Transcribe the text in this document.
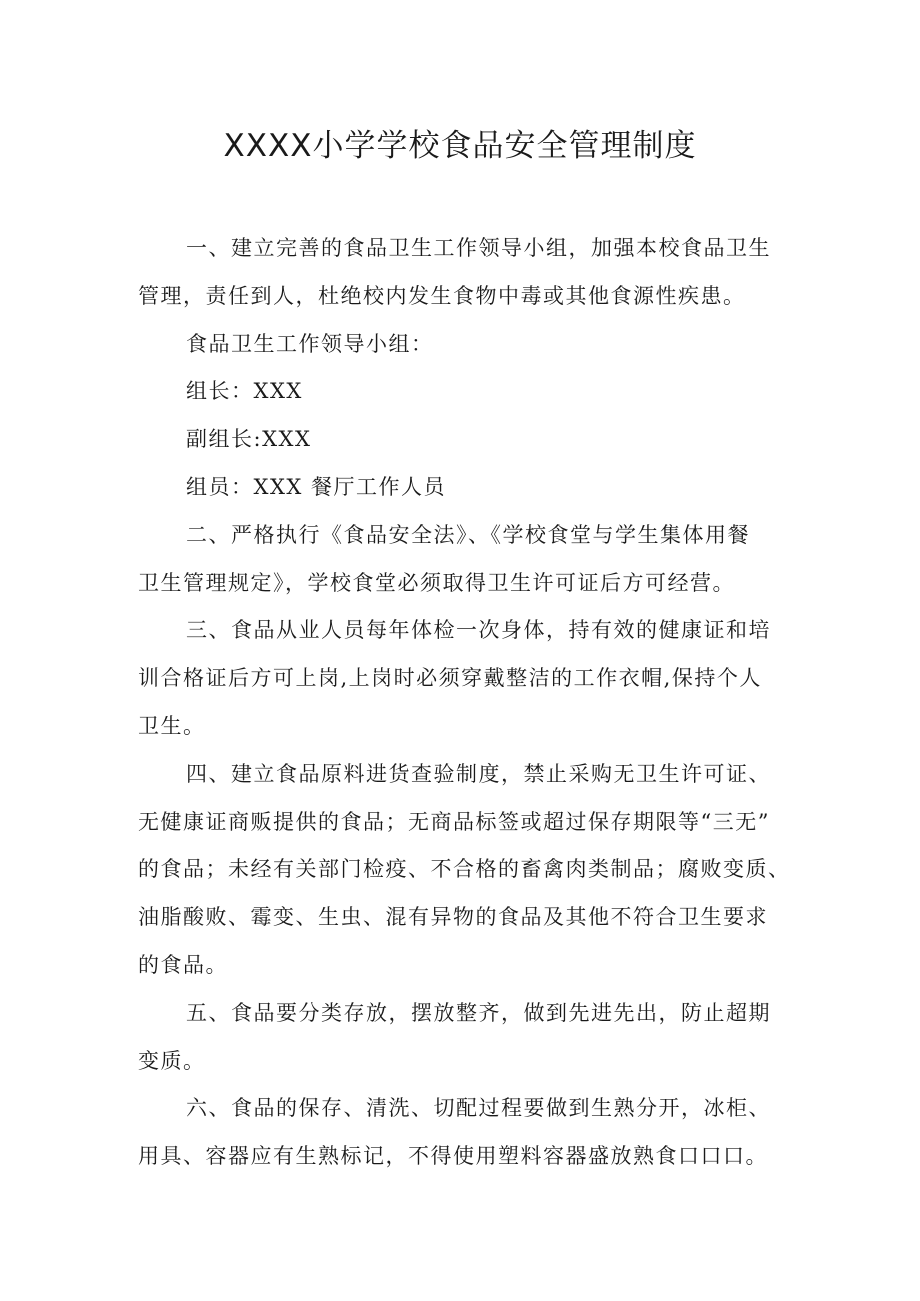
XXXX小学学校食品安全管理制度

一、建立完善的食品卫生工作领导小组，加强本校食品卫生
管理，责任到人，杜绝校内发生食物中毒或其他食源性疾患。

食品卫生工作领导小组：

组长：XXX

副组长:XXX

组员：XXX 餐厅工作人员

二、严格执行《食品安全法》、《学校食堂与学生集体用餐
卫生管理规定》，学校食堂必须取得卫生许可证后方可经营。

三、食品从业人员每年体检一次身体，持有效的健康证和培
训合格证后方可上岗,上岗时必须穿戴整洁的工作衣帽,保持个人
卫生。

四、建立食品原料进货查验制度，禁止采购无卫生许可证、
无健康证商贩提供的食品；无商品标签或超过保存期限等“三无”
的食品；未经有关部门检疫、不合格的畜禽肉类制品；腐败变质、
油脂酸败、霉变、生虫、混有异物的食品及其他不符合卫生要求
的食品。

五、食品要分类存放，摆放整齐，做到先进先出，防止超期
变质。

六、食品的保存、清洗、切配过程要做到生熟分开，冰柜、
用具、容器应有生熟标记，不得使用塑料容器盛放熟食口口口。
